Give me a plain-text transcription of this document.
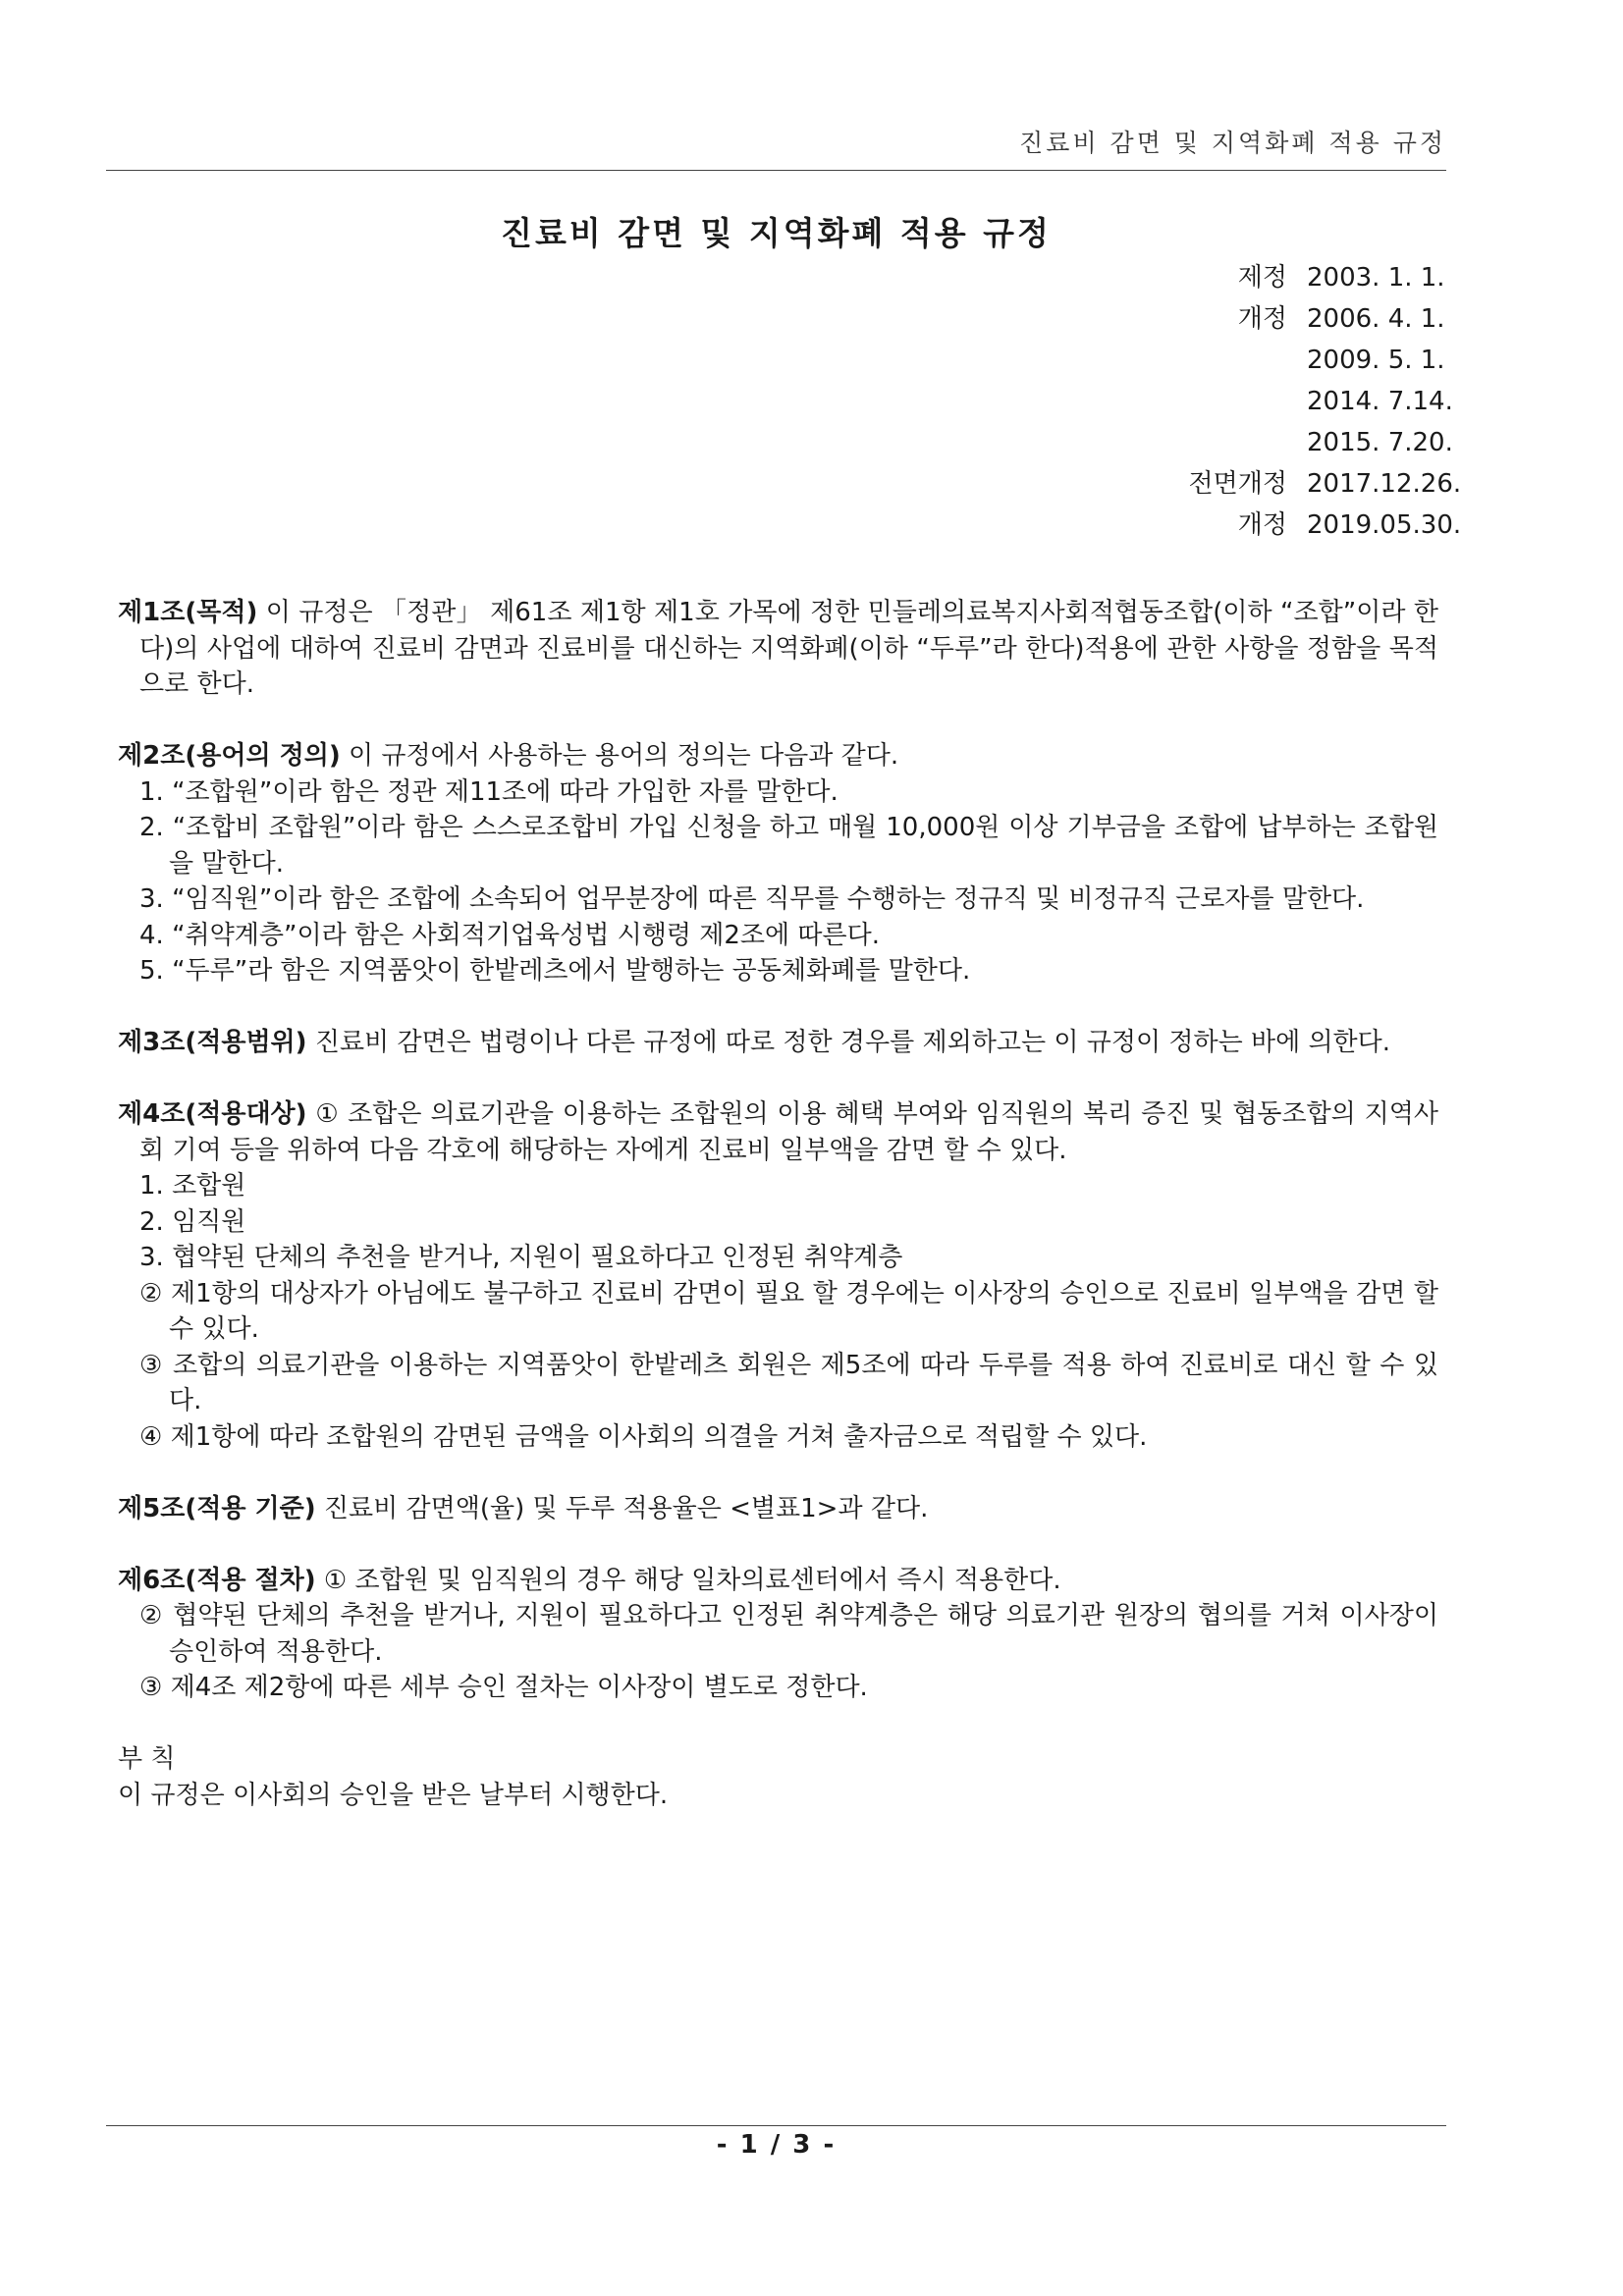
진료비 감면 및 지역화폐 적용 규정
진료비 감면 및 지역화폐 적용 규정
제정 2003. 1. 1.
개정 2006. 4. 1.
2009. 5. 1.
2014. 7.14.
2015. 7.20.
전면개정 2017.12.26.
개정 2019.05.30.
제1조(목적) 이 규정은 「정관」 제61조 제1항 제1호 가목에 정한 민들레의료복지사회적협동조합(이하 “조합”이라 한다)의 사업에 대하여 진료비 감면과 진료비를 대신하는 지역화폐(이하 “두루”라 한다)적용에 관한 사항을 정함을 목적으로 한다.
제2조(용어의 정의) 이 규정에서 사용하는 용어의 정의는 다음과 같다.
1. “조합원”이라 함은 정관 제11조에 따라 가입한 자를 말한다.
2. “조합비 조합원”이라 함은 스스로조합비 가입 신청을 하고 매월 10,000원 이상 기부금을 조합에 납부하는 조합원을 말한다.
3. “임직원”이라 함은 조합에 소속되어 업무분장에 따른 직무를 수행하는 정규직 및 비정규직 근로자를 말한다.
4. “취약계층”이라 함은 사회적기업육성법 시행령 제2조에 따른다.
5. “두루”라 함은 지역품앗이 한밭레츠에서 발행하는 공동체화폐를 말한다.
제3조(적용범위) 진료비 감면은 법령이나 다른 규정에 따로 정한 경우를 제외하고는 이 규정이 정하는 바에 의한다.
제4조(적용대상) ① 조합은 의료기관을 이용하는 조합원의 이용 혜택 부여와 임직원의 복리 증진 및 협동조합의 지역사회 기여 등을 위하여 다음 각호에 해당하는 자에게 진료비 일부액을 감면 할 수 있다.
1. 조합원
2. 임직원
3. 협약된 단체의 추천을 받거나, 지원이 필요하다고 인정된 취약계층
② 제1항의 대상자가 아님에도 불구하고 진료비 감면이 필요 할 경우에는 이사장의 승인으로 진료비 일부액을 감면 할 수 있다.
③ 조합의 의료기관을 이용하는 지역품앗이 한밭레츠 회원은 제5조에 따라 두루를 적용 하여 진료비로 대신 할 수 있다.
④ 제1항에 따라 조합원의 감면된 금액을 이사회의 의결을 거쳐 출자금으로 적립할 수 있다.
제5조(적용 기준) 진료비 감면액(율) 및 두루 적용율은 <별표1>과 같다.
제6조(적용 절차) ① 조합원 및 임직원의 경우 해당 일차의료센터에서 즉시 적용한다.
② 협약된 단체의 추천을 받거나, 지원이 필요하다고 인정된 취약계층은 해당 의료기관 원장의 협의를 거쳐 이사장이 승인하여 적용한다.
③ 제4조 제2항에 따른 세부 승인 절차는 이사장이 별도로 정한다.
부 칙
이 규정은 이사회의 승인을 받은 날부터 시행한다.
- 1 / 3 -
